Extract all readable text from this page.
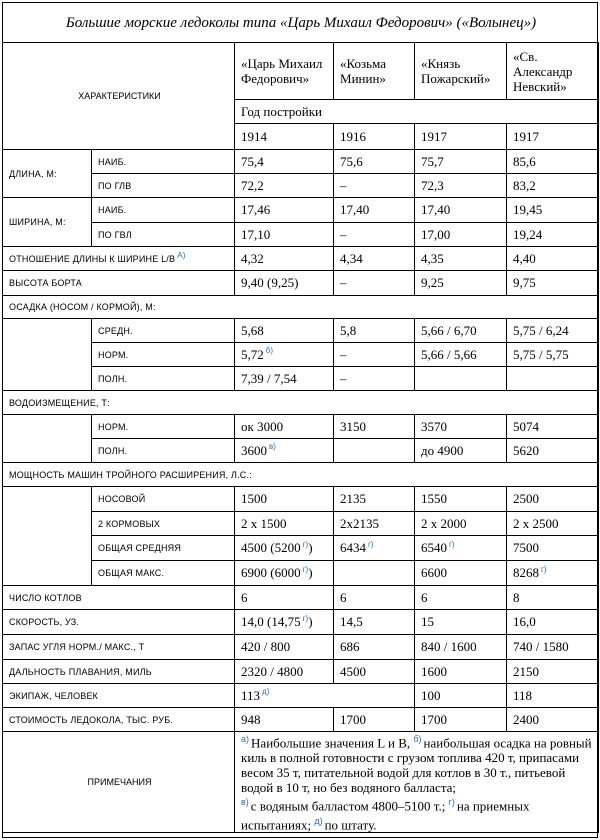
Большие морские ледоколы типа «Царь Михаил Федорович» («Волынец»)
ХАРАКТЕРИСТИКИ		«Царь Михаил Федорович»	«Козьма Минин»	«Князь Пожарский»	«Св. Александр Невский»
		Год постройки			
		1914	1916	1917	1917
ДЛИНА, М:	НАИБ.	75,4	75,6	75,7	85,6
	ПО ГЛВ	72,2	–	72,3	83,2
ШИРИНА, М:	НАИБ.	17,46	17,40	17,40	19,45
	ПО ГВЛ	17,10	–	17,00	19,24
ОТНОШЕНИЕ ДЛИНЫ К ШИРИНЕ L/B $^{А)}$		4,32	4,34	4,35	4,40
ВЫСОТА БОРТА		9,40 (9,25)	–	9,25	9,75
ОСАДКА (НОСОМ / КОРМОЙ), М:					
	СРЕДН.	5,68	5,8	5,66 / 6,70	5,75 / 6,24
	НОРМ.	5,72 $^{б)}$	–	5,66 / 5,66	5,75 / 5,75
	ПОЛН.	7,39 / 7,54	–		
ВОДОИЗМЕЩЕНИЕ, Т:					
	НОРМ.	ок 3000	3150	3570	5074
	ПОЛН.	3600 $^{в)}$		до 4900	5620
МОЩНОСТЬ МАШИН ТРОЙНОГО РАСШИРЕНИЯ, Л.С.:					
	НОСОВОЙ	1500	2135	1550	2500
	2 КОРМОВЫХ	2 x 1500	2x2135	2 x 2000	2 x 2500
	ОБЩАЯ СРЕДНЯЯ	4500 (5200 $^{г)}$)	6434 $^{г)}$	6540 $^{г)}$	7500
	ОБЩАЯ МАКС.	6900 (6000 $^{г)}$)		6600	8268 $^{г)}$
ЧИСЛО КОТЛОВ		6	6	6	8
СКОРОСТЬ, УЗ.		14,0 (14,75 $^{г)}$)	14,5	15	16,0
ЗАПАС УГЛЯ НОРМ./ МАКС., Т		420 / 800	686	840 / 1600	740 / 1580
ДАЛЬНОСТЬ ПЛАВАНИЯ, МИЛЬ		2320 / 4800	4500	1600	2150
ЭКИПАЖ, ЧЕЛОВЕК		113 $^{д)}$		100	118
СТОИМОСТЬ ЛЕДОКОЛА, ТЫС. РУБ.		948	1700	1700	2400
ПРИМЕЧАНИЯ		$^{а)}$ Наибольшие значения L и B, $^{б)}$ наибольшая осадка на ровный киль в полной готовности с грузом топлива 420 т, припасами весом 35 т, питательной водой для котлов в 30 т., питьевой водой в 10 т, но без водяного балласта;
$^{в)}$ с водяным балластом 4800–5100 т.; $^{г)}$ на приемных испытаниях; $^{д)}$ по штату.			
